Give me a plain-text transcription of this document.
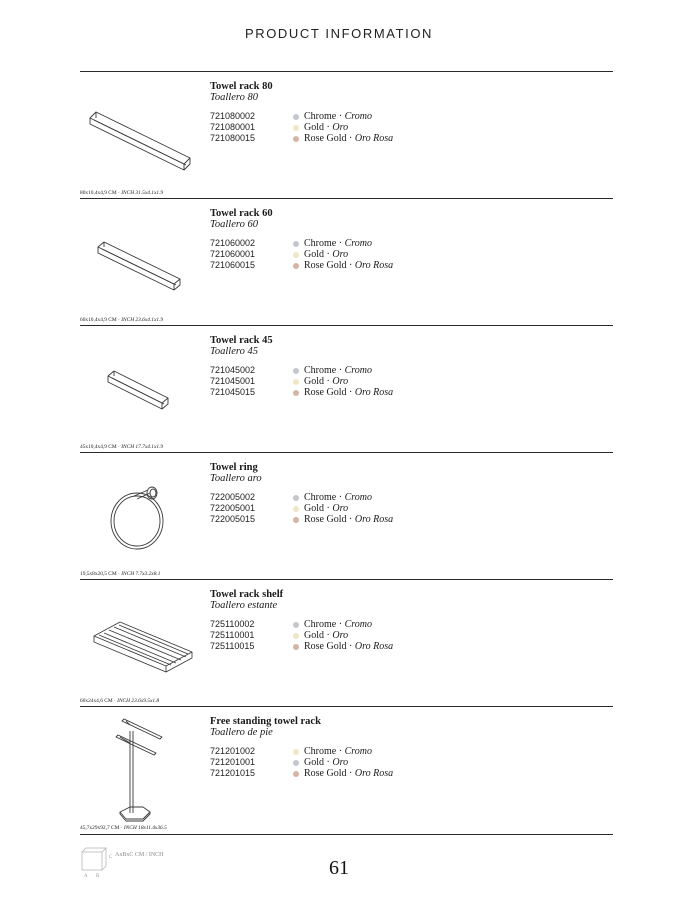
PRODUCT INFORMATION
80x10,4x4,9 CM · INCH 31.5x4.1x1.9
Towel rack 80
Toallero 80
721080002	Chrome · Cromo
721080001	Gold · Oro
721080015	Rose Gold · Oro Rosa
60x10,4x4,9 CM · INCH 23.6x4.1x1.9
Towel rack 60
Toallero 60
721060002	Chrome · Cromo
721060001	Gold · Oro
721060015	Rose Gold · Oro Rosa
45x10,4x4,9 CM · INCH 17.7x4.1x1.9
Towel rack 45
Toallero 45
721045002	Chrome · Cromo
721045001	Gold · Oro
721045015	Rose Gold · Oro Rosa
19,5x8x20,5 CM · INCH 7.7x3.2x8.1
Towel ring
Toallero aro
722005002	Chrome · Cromo
722005001	Gold · Oro
722005015	Rose Gold · Oro Rosa
60x24x4,6 CM · INCH 23.6x9.5x1.8
Towel rack shelf
Toallero estante
725110002	Chrome · Cromo
725110001	Gold · Oro
725110015	Rose Gold · Oro Rosa
45,7x29x92,7 CM · INCH 18x11.4x36.5
Free standing towel rack
Toallero de pie
721201002	Chrome · Cromo
721201001	Gold · Oro
721201015	Rose Gold · Oro Rosa
A B
C AxBxC CM / INCH
61
